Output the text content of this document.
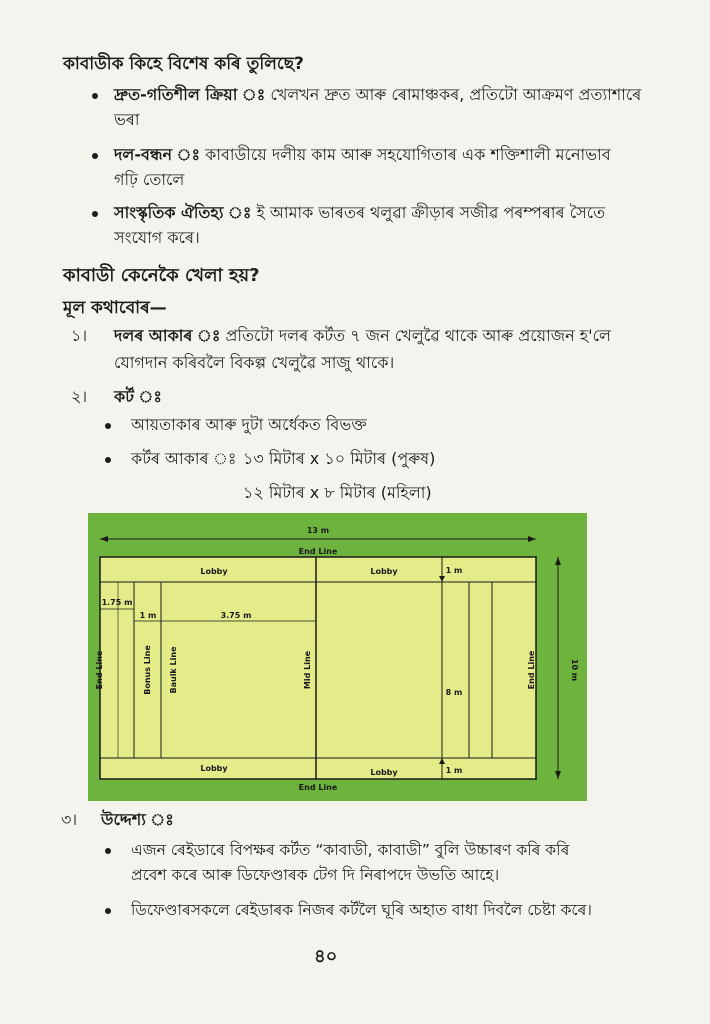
কাবাডীক কিহে বিশেষ কৰি তুলিছে?
দ্ৰুত-গতিশীল ক্ৰিয়া ঃ খেলখন দ্ৰুত আৰু ৰোমাঞ্চকৰ, প্ৰতিটো আক্ৰমণ প্ৰত্যাশাৰে
ভৰা
দল-বন্ধন ঃ কাবাডীয়ে দলীয় কাম আৰু সহযোগিতাৰ এক শক্তিশালী মনোভাব
গঢ়ি তোলে
সাংস্কৃতিক ঐতিহ্য ঃ ই আমাক ভাৰতৰ থলুৱা ক্ৰীড়াৰ সজীৱ পৰম্পৰাৰ সৈতে
সংযোগ কৰে।
কাবাডী কেনেকৈ খেলা হয়?
মূল কথাবোৰ—
১। দলৰ আকাৰ ঃ প্ৰতিটো দলৰ কৰ্টত ৭ জন খেলুৱৈ থাকে আৰু প্ৰয়োজন হ'লে
যোগদান কৰিবলৈ বিকল্প খেলুৱৈ সাজু থাকে।
২। কৰ্ট ঃ
আয়তাকাৰ আৰু দুটা অৰ্ধেকত বিভক্ত
কৰ্টৰ আকাৰ ঃ ১৩ মিটাৰ x ১০ মিটাৰ (পুৰুষ)
১২ মিটাৰ x ৮ মিটাৰ (মহিলা)
13 m
End Line
End Line
Lobby	Lobby
Lobby	Lobby
1.75 m
1 m	3.75 m
1 m
1 m
8 m
End Line	End Line
Bonus Line Baulk Line	Mid Line	10 m
৩। উদ্দেশ্য ঃ
এজন ৰেইডাৰে বিপক্ষৰ কৰ্টত “কাবাডী, কাবাডী” বুলি উচ্চাৰণ কৰি কৰি
প্ৰবেশ কৰে আৰু ডিফেণ্ডাৰক টেগ দি নিৰাপদে উভতি আহে।
ডিফেণ্ডাৰসকলে ৰেইডাৰক নিজৰ কৰ্টলৈ ঘূৰি অহাত বাধা দিবলৈ চেষ্টা কৰে।
৪০
